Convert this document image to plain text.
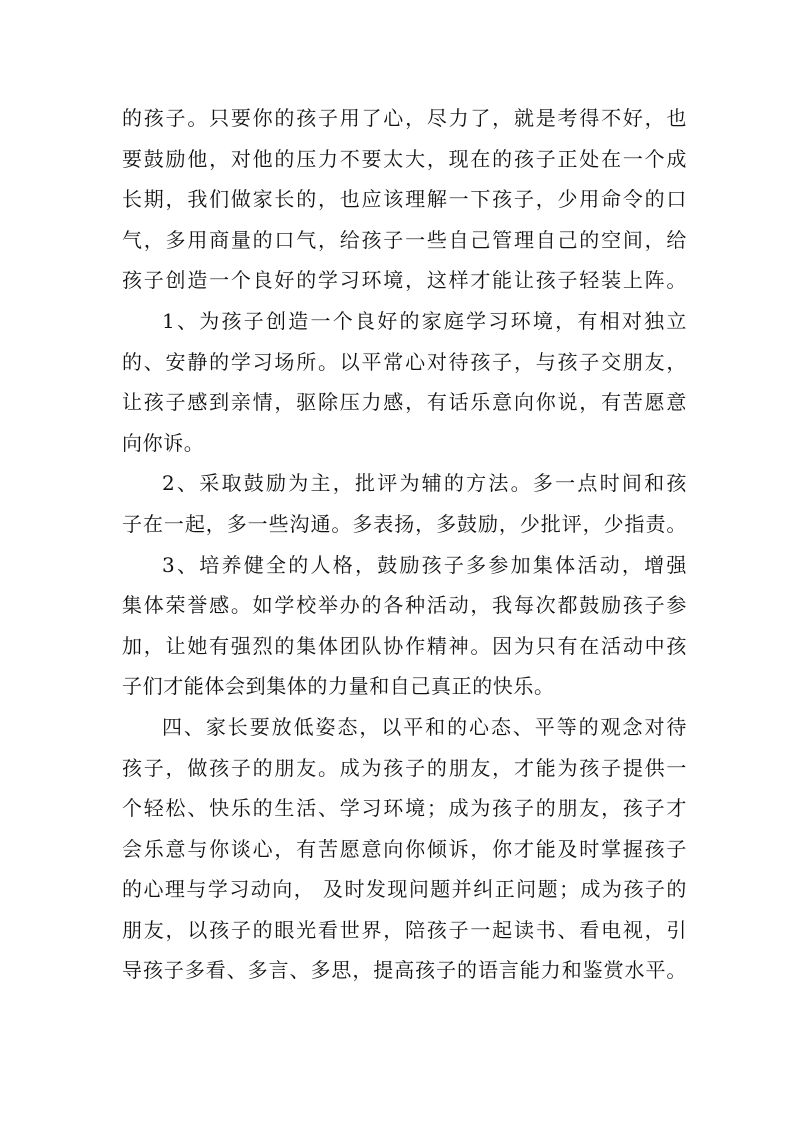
的孩子。只要你的孩子用了心，尽力了，就是考得不好，也
要鼓励他，对他的压力不要太大，现在的孩子正处在一个成
长期，我们做家长的，也应该理解一下孩子，少用命令的口
气，多用商量的口气，给孩子一些自己管理自己的空间，给
孩子创造一个良好的学习环境，这样才能让孩子轻装上阵。
1、为孩子创造一个良好的家庭学习环境，有相对独立
的、安静的学习场所。以平常心对待孩子，与孩子交朋友，
让孩子感到亲情，驱除压力感，有话乐意向你说，有苦愿意
向你诉。
2、采取鼓励为主，批评为辅的方法。多一点时间和孩
子在一起，多一些沟通。多表扬，多鼓励，少批评，少指责。
3、培养健全的人格，鼓励孩子多参加集体活动，增强
集体荣誉感。如学校举办的各种活动，我每次都鼓励孩子参
加，让她有强烈的集体团队协作精神。因为只有在活动中孩
子们才能体会到集体的力量和自己真正的快乐。
四、家长要放低姿态，以平和的心态、平等的观念对待
孩子，做孩子的朋友。成为孩子的朋友，才能为孩子提供一
个轻松、快乐的生活、学习环境；成为孩子的朋友，孩子才
会乐意与你谈心，有苦愿意向你倾诉，你才能及时掌握孩子
的心理与学习动向， 及时发现问题并纠正问题；成为孩子的
朋友，以孩子的眼光看世界，陪孩子一起读书、看电视，引
导孩子多看、多言、多思，提高孩子的语言能力和鉴赏水平。
